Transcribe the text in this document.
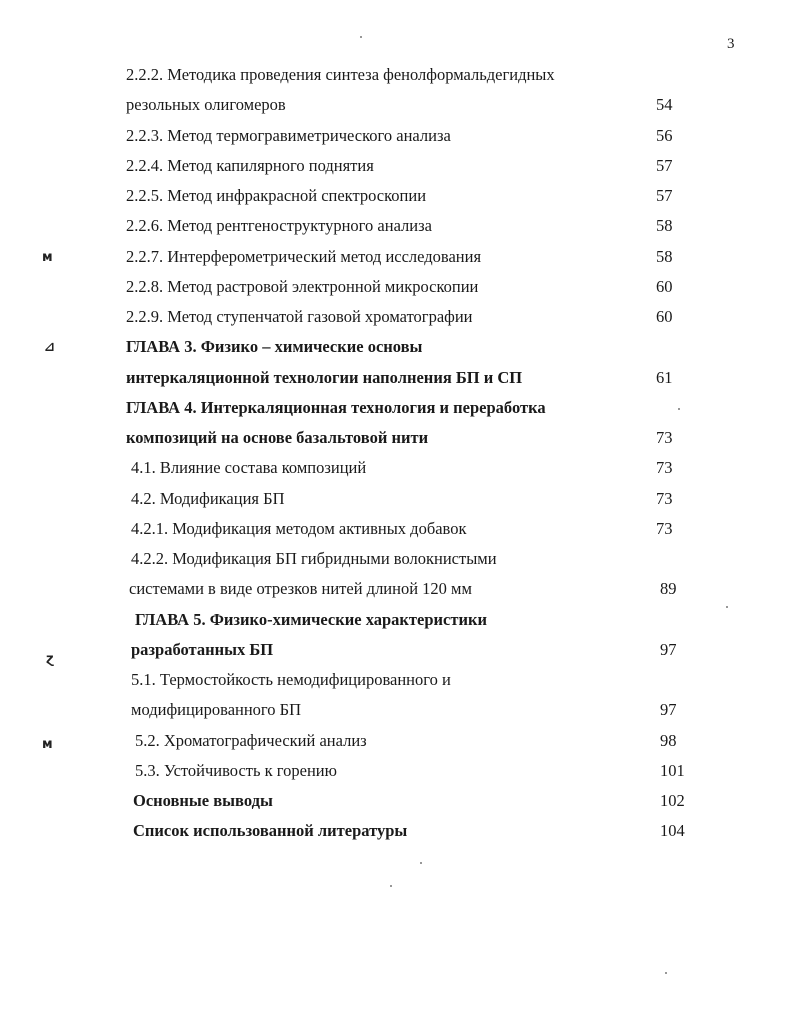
3
ᴍ
⊿
ɀ
ᴍ
2.2.2. Методика проведения синтеза фенолформальдегидных
резольных олигомеров	54
2.2.3. Метод термогравиметрического анализа	56
2.2.4. Метод капилярного поднятия	57
2.2.5. Метод инфракрасной спектроскопии	57
2.2.6. Метод рентгеноструктурного анализа	58
2.2.7. Интерферометрический метод исследования	58
2.2.8. Метод растровой электронной микроскопии	60
2.2.9. Метод ступенчатой газовой хроматографии	60
ГЛАВА 3. Физико – химические основы
интеркаляционной технологии наполнения БП и СП	61
ГЛАВА 4. Интеркаляционная технология и переработка
композиций на основе базальтовой нити	73
4.1. Влияние состава композиций	73
4.2. Модификация БП	73
4.2.1. Модификация методом активных добавок	73
4.2.2. Модификация БП гибридными волокнистыми
системами в виде отрезков нитей длиной 120 мм	89
ГЛАВА 5. Физико-химические характеристики
разработанных БП	97
5.1. Термостойкость немодифицированного и
модифицированного БП	97
5.2. Хроматографический анализ	98
5.3. Устойчивость к горению	101
Основные выводы	102
Список использованной литературы	104
